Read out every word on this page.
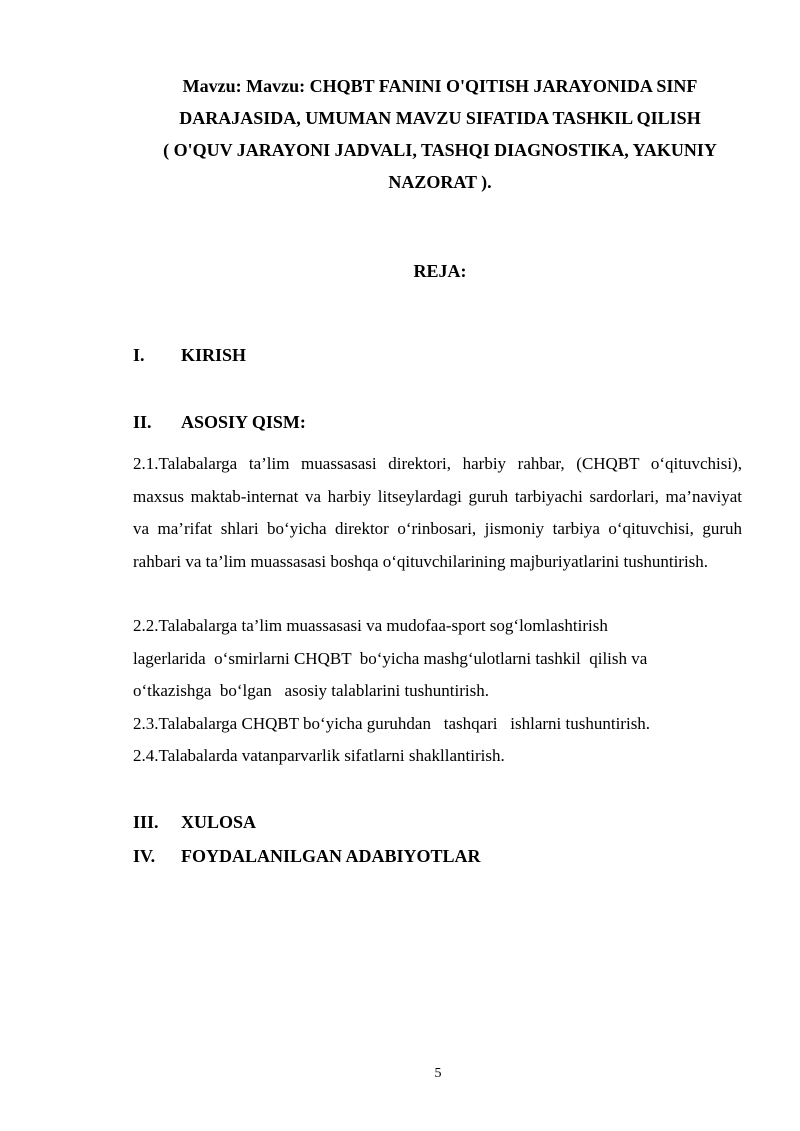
Mavzu: Mavzu: CHQBT FANINI O'QITISH JARAYONIDA SINF
DARAJASIDA, UMUMAN MAVZU SIFATIDA TASHKIL QILISH
( O'QUV JARAYONI JADVALI, TASHQI DIAGNOSTIKA, YAKUNIY
NAZORAT ).
REJA:
I.	KIRISH
II.	ASOSIY QISM:
2.1.Talabalarga ta’lim muassasasi direktori, harbiy rahbar, (CHQBT o‘qituvchisi), maxsus maktab-internat va harbiy litseylardagi guruh tarbiyachi sardorlari, ma’naviyat va ma’rifat shlari bo‘yicha direktor o‘rinbosari, jismoniy tarbiya o‘qituvchisi, guruh rahbari va ta’lim muassasasi boshqa o‘qituvchilarining majburiyatlarini tushuntirish.
2.2.Talabalarga ta’lim muassasasi va mudofaa-sport sog‘lomlashtirish
lagerlarida  o‘smirlarni CHQBT  bo‘yicha mashg‘ulotlarni tashkil  qilish va
o‘tkazishga  bo‘lgan   asosiy talablarini tushuntirish.
2.3.Talabalarga CHQBT bo‘yicha guruhdan   tashqari   ishlarni tushuntirish.
2.4.Talabalarda vatanparvarlik sifatlarni shakllantirish.
III.	XULOSA
IV.	FOYDALANILGAN ADABIYOTLAR
5
